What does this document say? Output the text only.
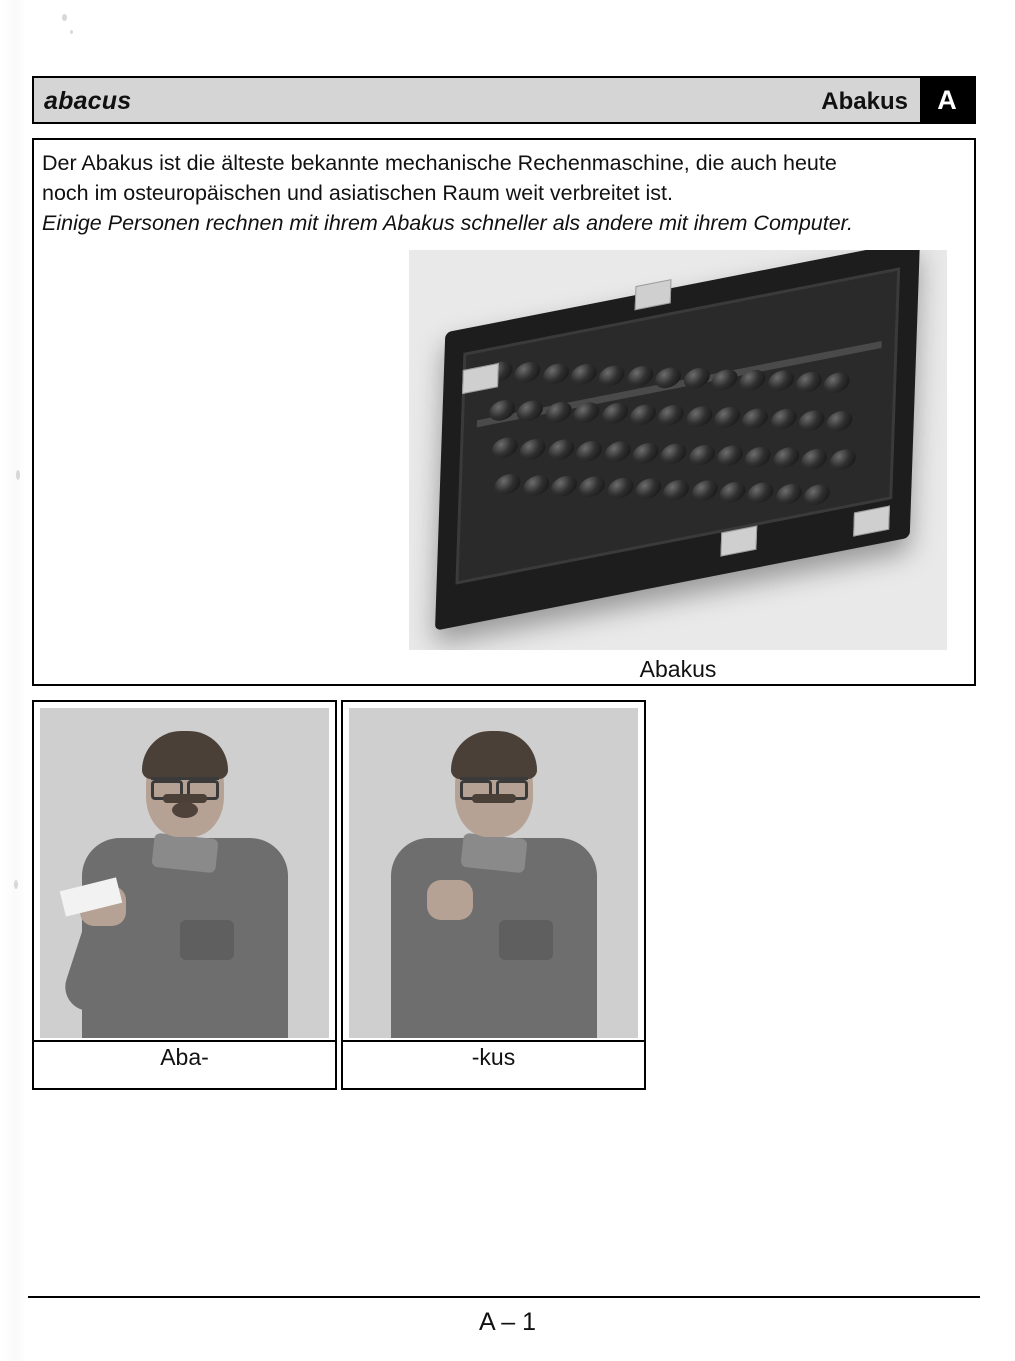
abacus	Abakus	A
Der Abakus ist die älteste bekannte mechanische Rechenmaschine, die auch heute
noch im osteuropäischen und asiatischen Raum weit verbreitet ist.
Einige Personen rechnen mit ihrem Abakus schneller als andere mit ihrem Computer.
Abakus
Aba-	-kus
A – 1
